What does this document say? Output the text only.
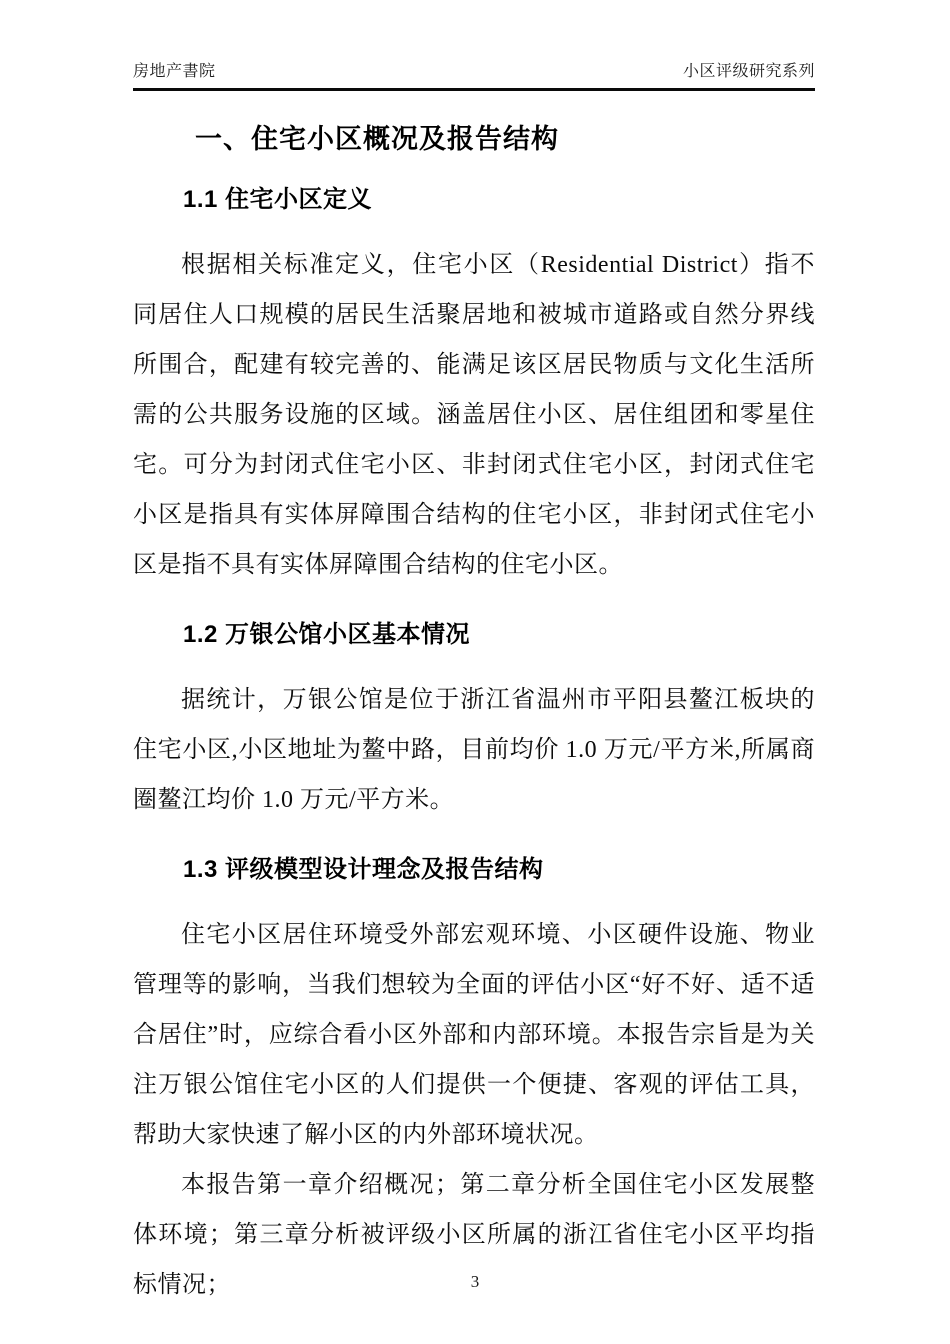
房地产書院	小区评级研究系列
一、住宅小区概况及报告结构
1.1 住宅小区定义

根据相关标准定义，住宅小区（Residential District）指不同居住人口规模的居民生活聚居地和被城市道路或自然分界线所围合，配建有较完善的、能满足该区居民物质与文化生活所需的公共服务设施的区域。涵盖居住小区、居住组团和零星住宅。可分为封闭式住宅小区、非封闭式住宅小区，封闭式住宅小区是指具有实体屏障围合结构的住宅小区，非封闭式住宅小区是指不具有实体屏障围合结构的住宅小区。

1.2 万银公馆小区基本情况

据统计，万银公馆是位于浙江省温州市平阳县鳌江板块的住宅小区,小区地址为鳌中路，目前均价 1.0 万元/平方米,所属商圈鳌江均价 1.0 万元/平方米。

1.3 评级模型设计理念及报告结构

住宅小区居住环境受外部宏观环境、小区硬件设施、物业管理等的影响，当我们想较为全面的评估小区“好不好、适不适合居住”时，应综合看小区外部和内部环境。本报告宗旨是为关注万银公馆住宅小区的人们提供一个便捷、客观的评估工具，帮助大家快速了解小区的内外部环境状况。

本报告第一章介绍概况；第二章分析全国住宅小区发展整体环境；第三章分析被评级小区所属的浙江省住宅小区平均指标情况；	3
